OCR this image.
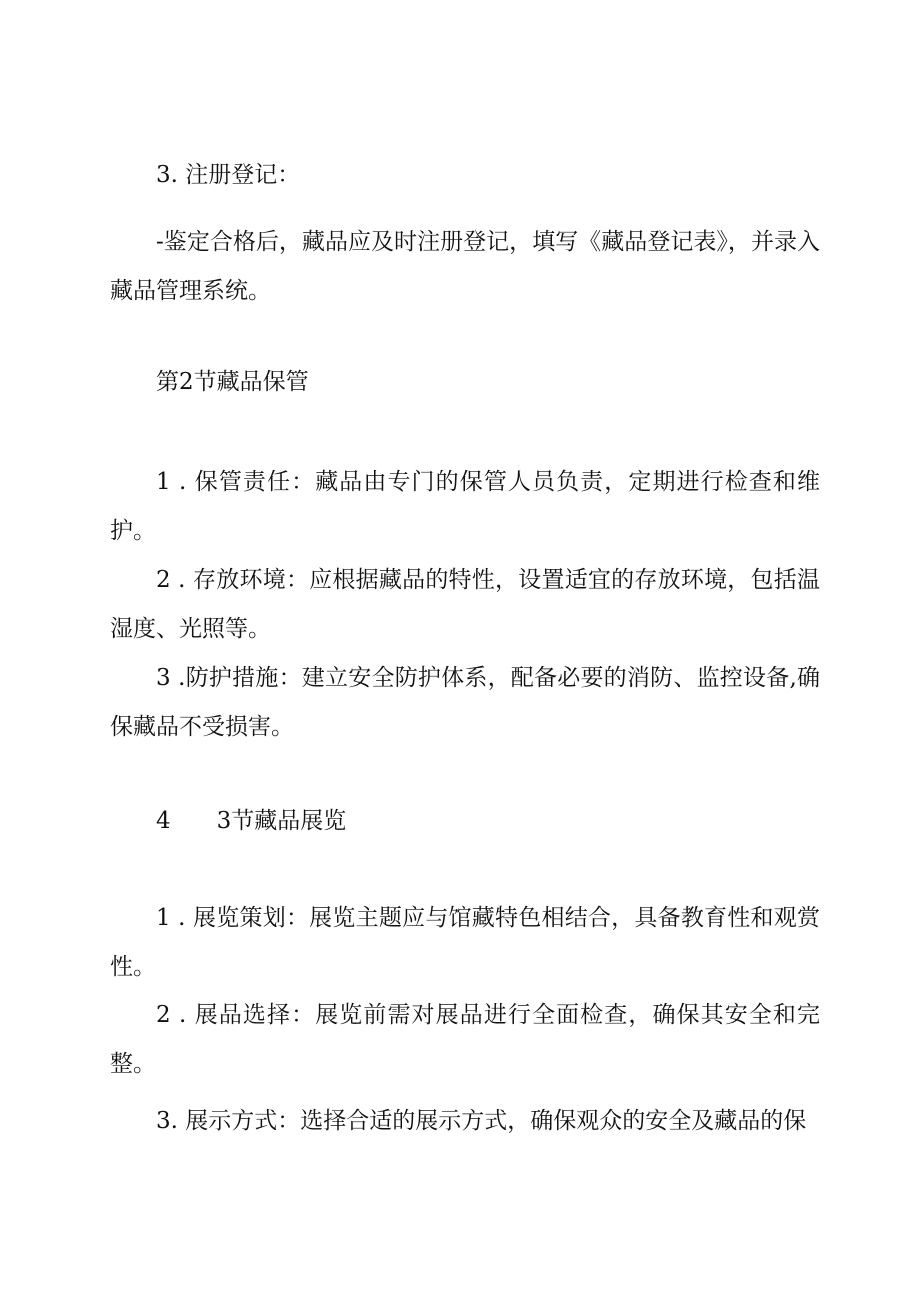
3. 注册登记：

-鉴定合格后，藏品应及时注册登记，填写《藏品登记表》，并录入藏品管理系统。

第2节藏品保管

1 . 保管责任：藏品由专门的保管人员负责，定期进行检查和维护。

2 . 存放环境：应根据藏品的特性，设置适宜的存放环境，包括温湿度、光照等。

3 .防护措施：建立安全防护体系，配备必要的消防、监控设备,确保藏品不受损害。

4 3节藏品展览

1 . 展览策划：展览主题应与馆藏特色相结合，具备教育性和观赏性。

2 . 展品选择：展览前需对展品进行全面检查，确保其安全和完整。

3. 展示方式：选择合适的展示方式，确保观众的安全及藏品的保
